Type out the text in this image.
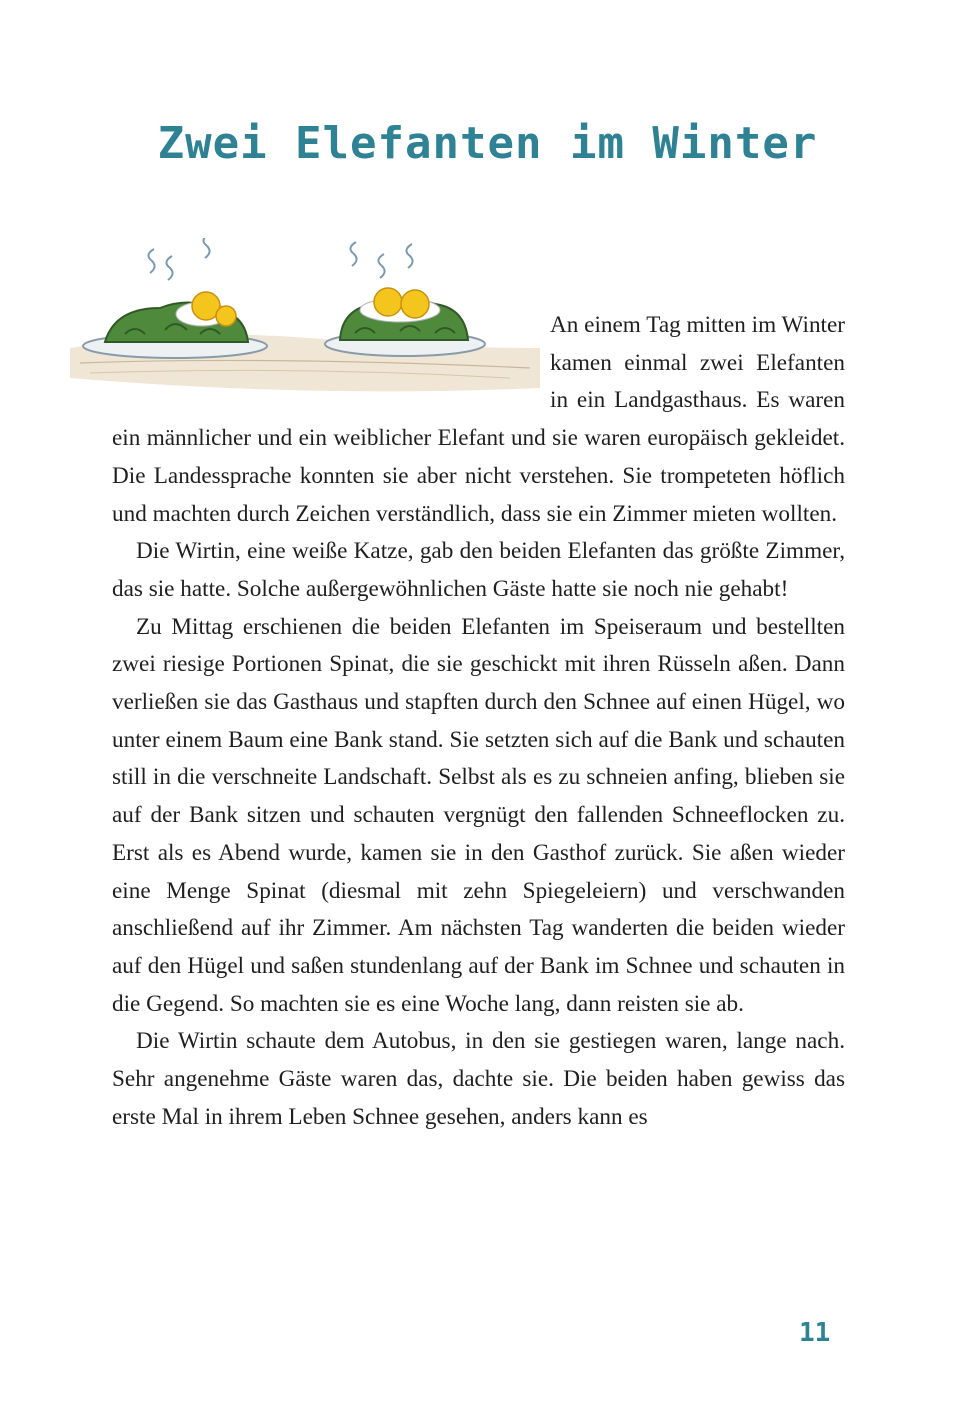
Zwei Elefanten im Winter

An einem Tag mitten im Winter kamen einmal zwei Elefanten in ein Landgasthaus. Es waren ein männlicher und ein weiblicher Elefant und sie waren europäisch gekleidet. Die Landessprache konnten sie aber nicht verstehen. Sie trompeteten höflich und machten durch Zeichen verständlich, dass sie ein Zimmer mieten wollten.

Die Wirtin, eine weiße Katze, gab den beiden Elefanten das größte Zimmer, das sie hatte. Solche außergewöhnlichen Gäste hatte sie noch nie gehabt!

Zu Mittag erschienen die beiden Elefanten im Speiseraum und bestellten zwei riesige Portionen Spinat, die sie geschickt mit ihren Rüsseln aßen. Dann verließen sie das Gasthaus und stapften durch den Schnee auf einen Hügel, wo unter einem Baum eine Bank stand. Sie setzten sich auf die Bank und schauten still in die verschneite Landschaft. Selbst als es zu schneien anfing, blieben sie auf der Bank sitzen und schauten vergnügt den fallenden Schneeflocken zu. Erst als es Abend wurde, kamen sie in den Gasthof zurück. Sie aßen wieder eine Menge Spinat (diesmal mit zehn Spiegeleiern) und verschwanden anschließend auf ihr Zimmer. Am nächsten Tag wanderten die beiden wieder auf den Hügel und saßen stundenlang auf der Bank im Schnee und schauten in die Gegend. So machten sie es eine Woche lang, dann reisten sie ab.

Die Wirtin schaute dem Autobus, in den sie gestiegen waren, lange nach. Sehr angenehme Gäste waren das, dachte sie. Die beiden haben gewiss das erste Mal in ihrem Leben Schnee gesehen, anders kann es

11
